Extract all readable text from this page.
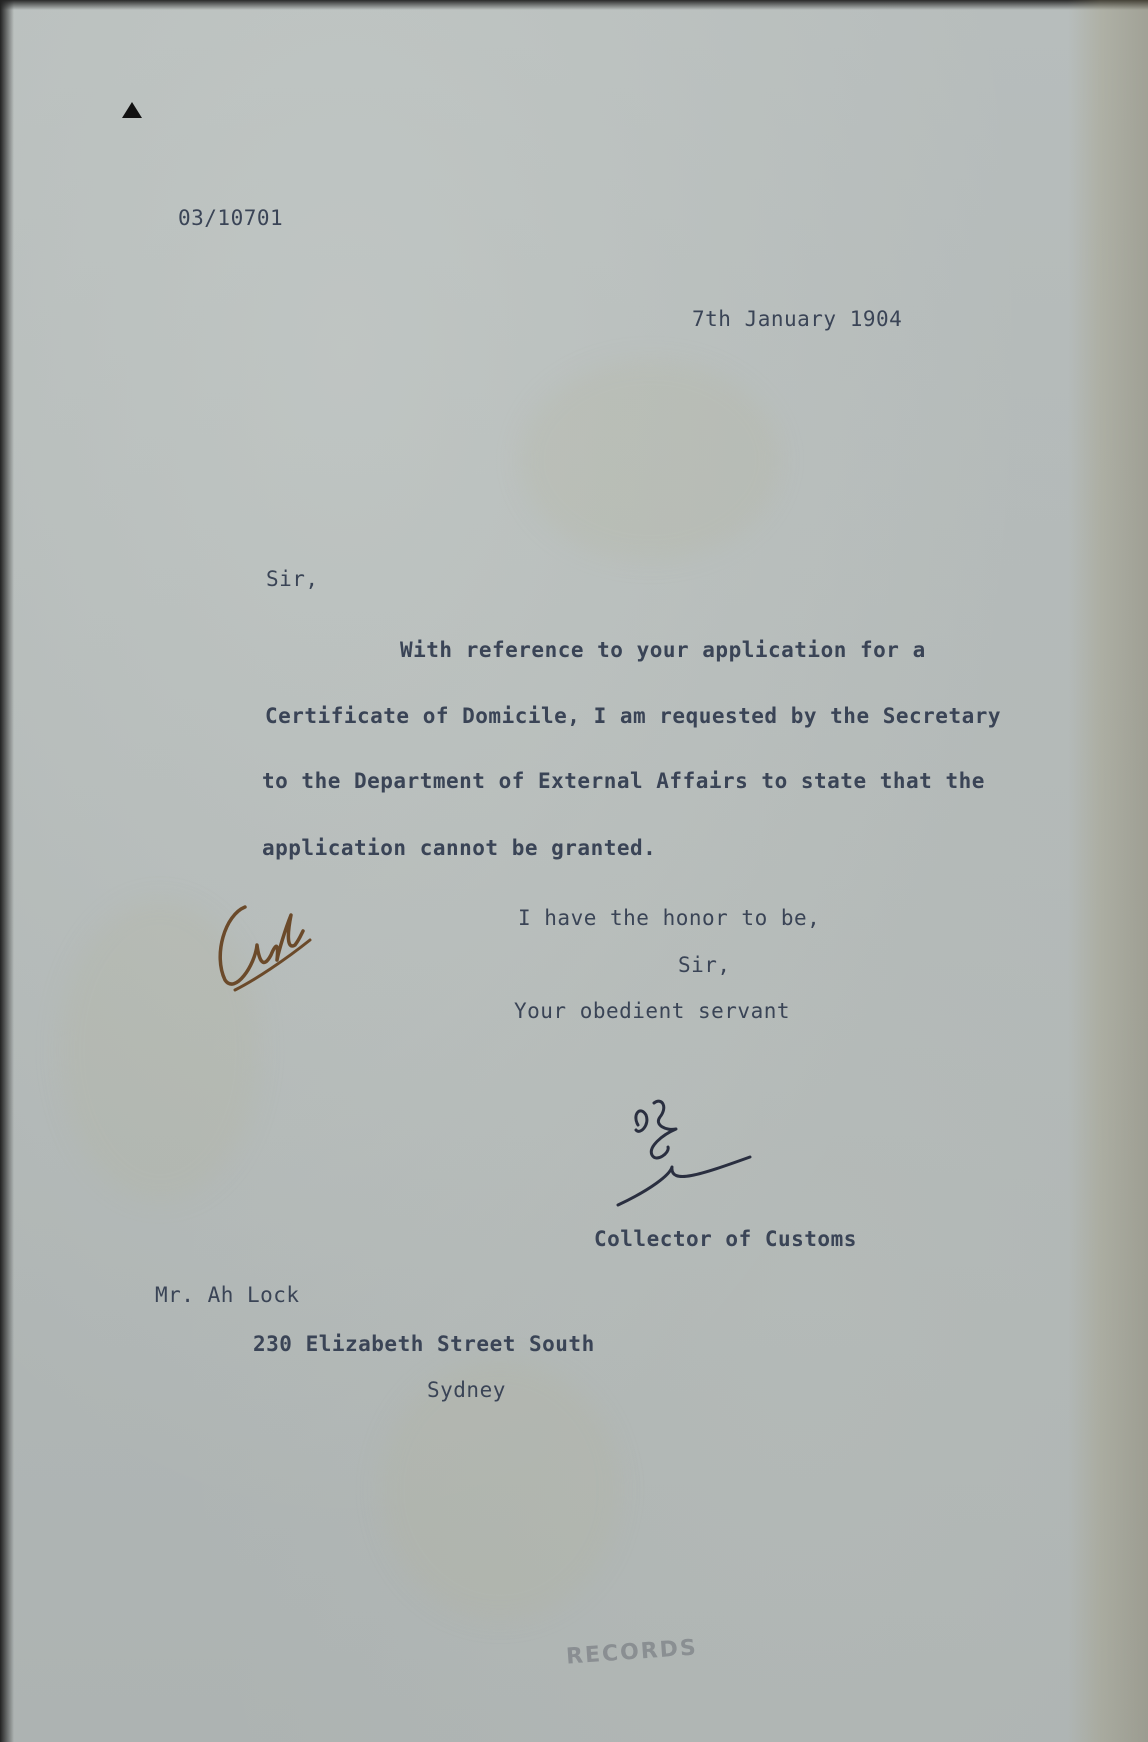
03/10701
7th January 1904
Sir,
With reference to your application for a
Certificate of Domicile, I am requested by the Secretary
to the Department of External Affairs to state that the
application cannot be granted.
I have the honor to be,
Sir,
Your obedient servant
Collector of Customs
Mr. Ah Lock
230 Elizabeth Street South
Sydney
RECORDS
